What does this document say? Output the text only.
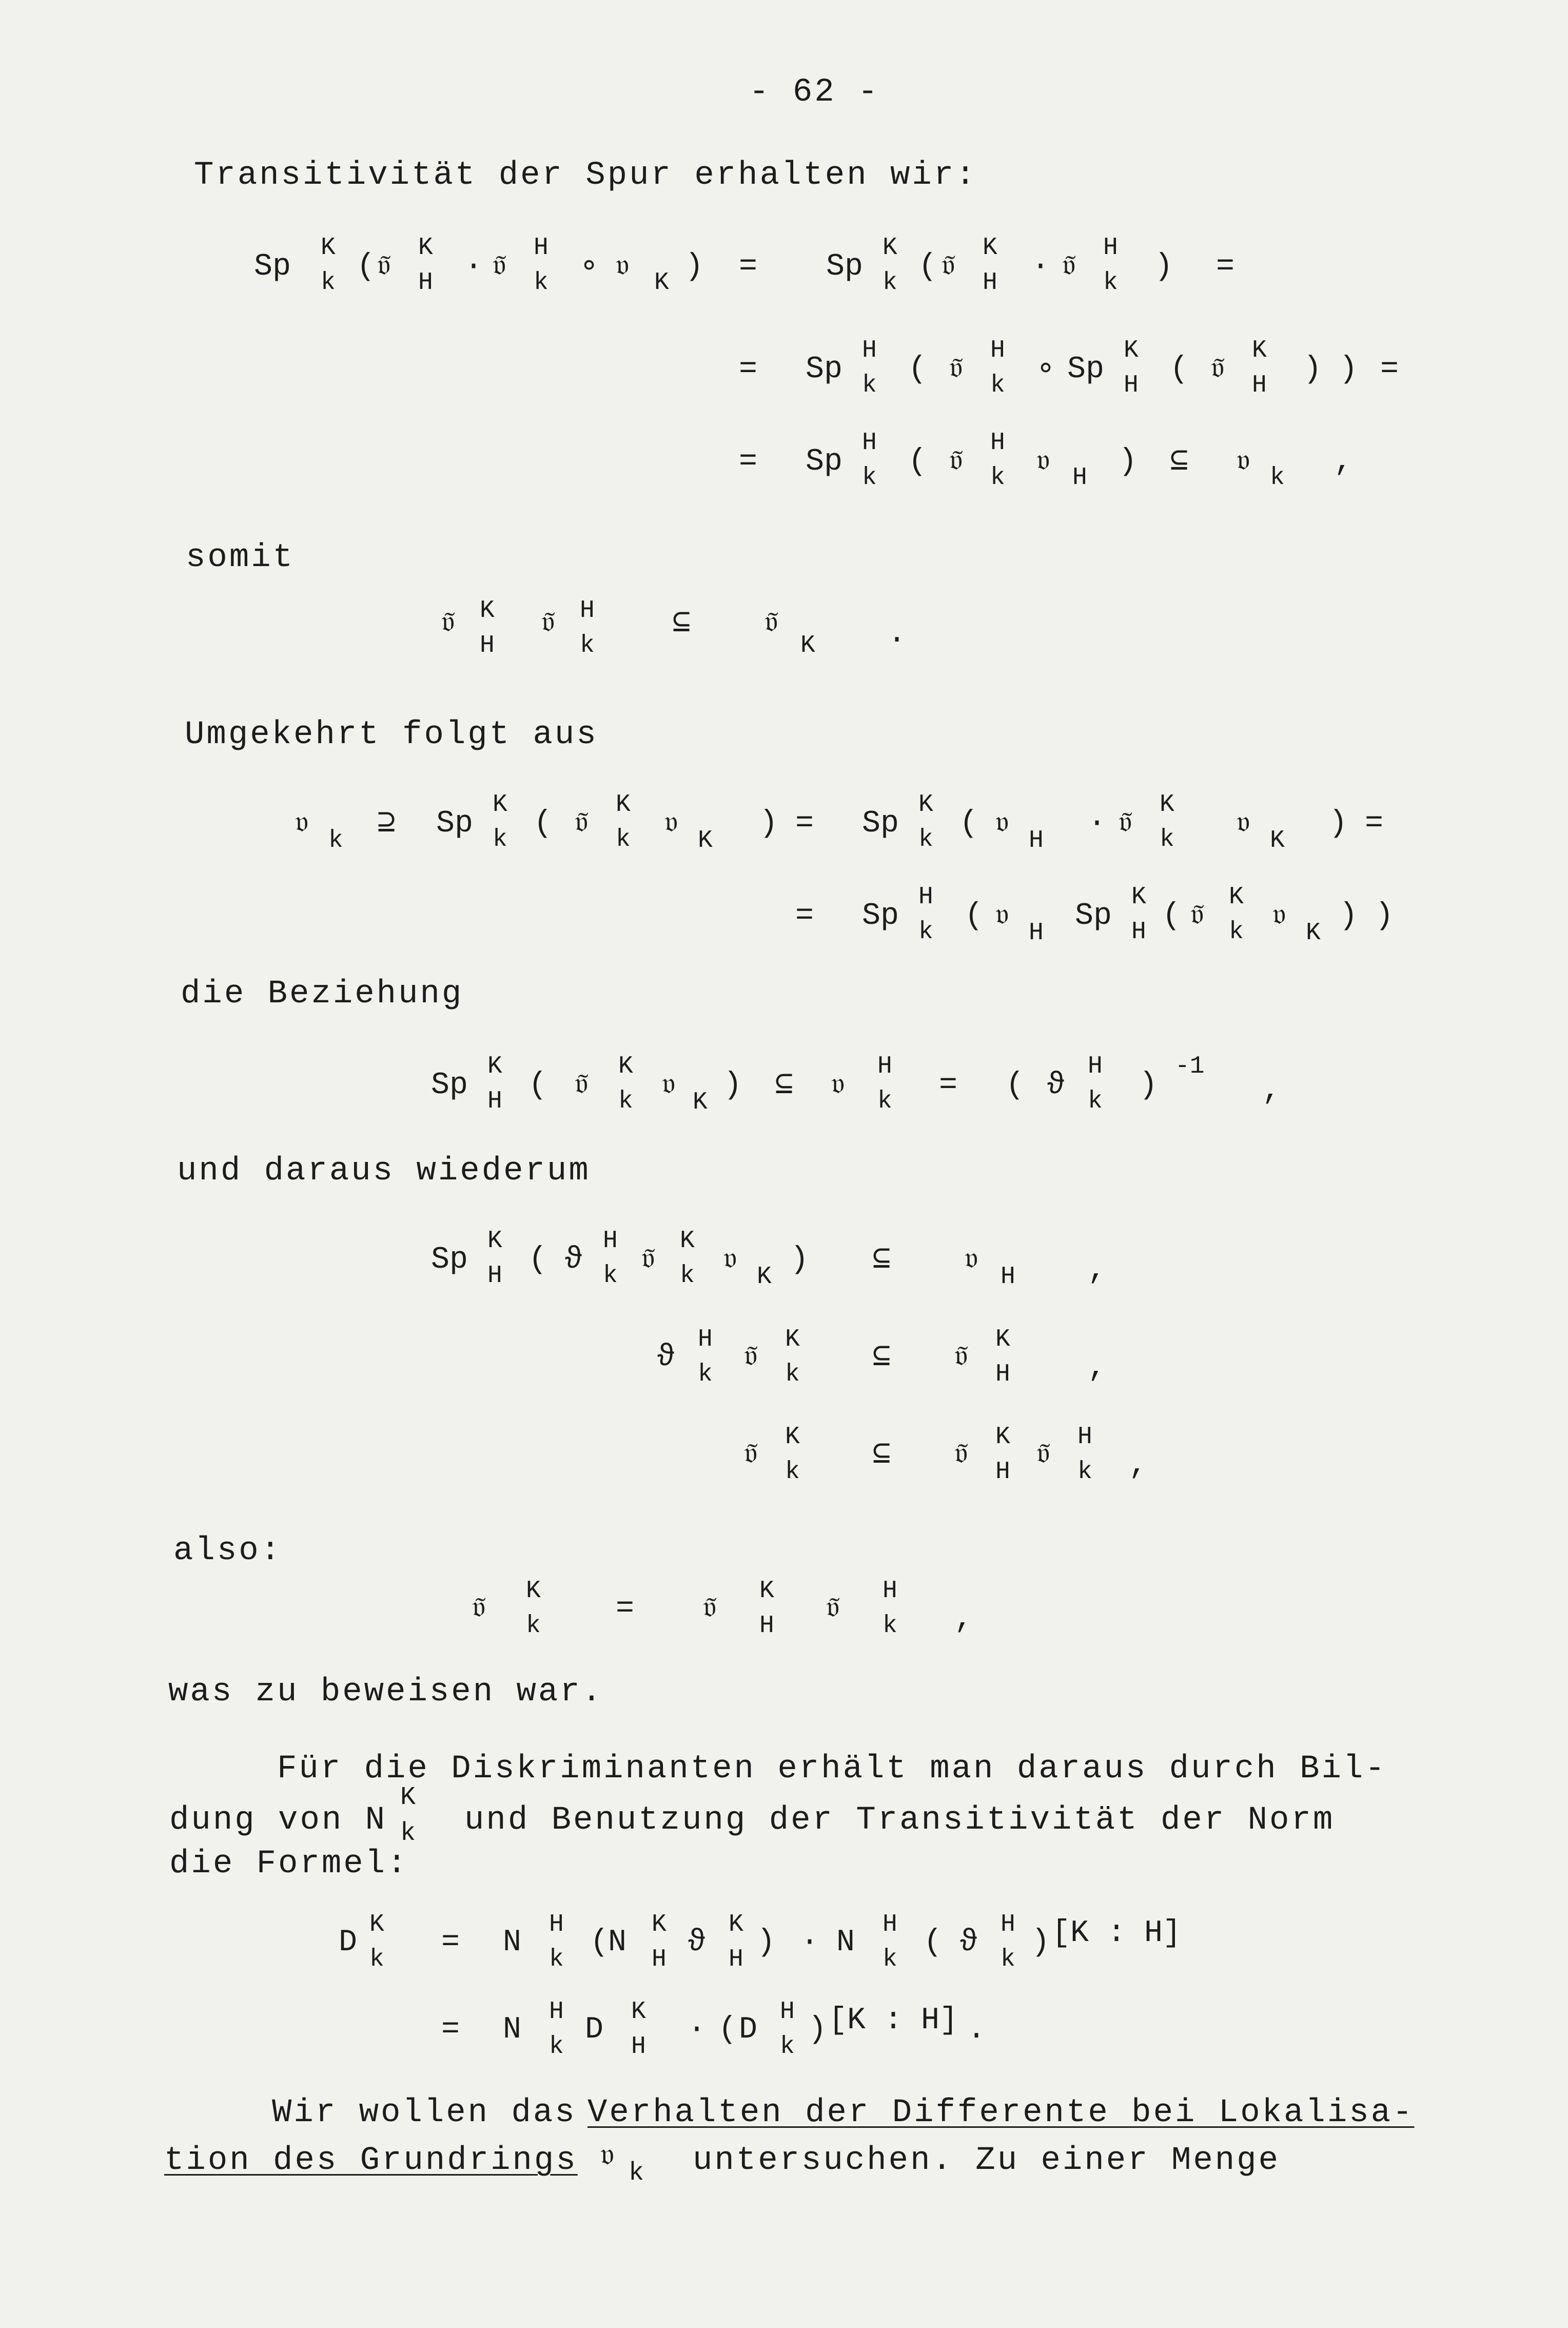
- 62 -
Transitivität der Spur erhalten wir:
Sp
K
k ( 𝔳̃
K
H · 𝔳̃
H
k ∘ 𝔳 K ) = Sp
K
k ( 𝔳̃
K
H · 𝔳̃
H
k ) =
= Sp
H
k ( 𝔳̃
H
k ∘ Sp
K
H ( 𝔳̃
K
H ) ) =
= Sp
H
k ( 𝔳̃
H
k 𝔳 H ) ⊆ 𝔳 k ,
somit
𝔳̃ K
H
𝔳̃ H
k
⊆ 𝔳̃
K .
Umgekehrt folgt aus
𝔳 k ⊇ Sp
K
k ( 𝔳̃
K
k 𝔳 K ) = Sp
K
k ( 𝔳 H · 𝔳̃
K
k 𝔳 K ) =
= Sp
H
k ( 𝔳 H Sp
K
H ( 𝔳̃
K
k 𝔳 K ) )
die Beziehung
Sp
K
H ( 𝔳̃
K
k 𝔳 K ) ⊆ 𝔳
H
k = ( ϑ
H
k )
-1
,
und daraus wiederum
Sp
K
H ( ϑ
H
k 𝔳̃
K
k 𝔳 K ) ⊆ 𝔳 H ,
ϑ
H
k 𝔳̃
K
k ⊆ 𝔳̃
K
H	,
𝔳̃
K
k ⊆ 𝔳̃
K
H 𝔳̃
H
k ,
also:
𝔳̃
K
k = 𝔳̃
K
H 𝔳̃
H
k ,
was zu beweisen war.
Für die Diskriminanten erhält man daraus durch Bil-
dung von N
K
k und Benutzung der Transitivität der Norm
die Formel:
D
K
k = N
H
k (
N
K
H ϑ
K
H ) · N
H
k ( ϑ
H
k ) [K : H]
= N
H
k D
K
H · ( D
H
k ) [K : H] .
Wir wollen das Verhalten der Differente bei Lokalisa-
tion des Grundrings 𝔳 k untersuchen. Zu einer Menge
